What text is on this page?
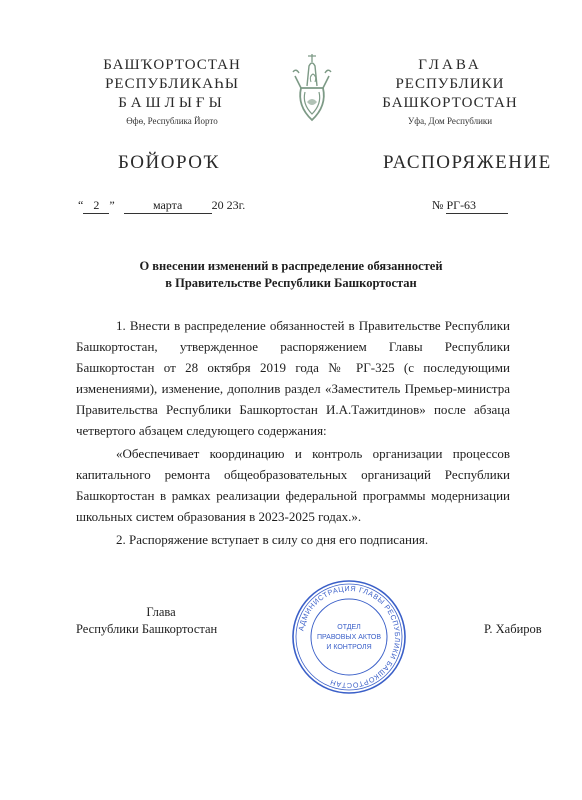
БАШҠОРТОСТАН
РЕСПУБЛИКАҺЫ
БАШЛЫҒЫ
Өфө, Республика Йорто
ГЛАВА
РЕСПУБЛИКИ
БАШКОРТОСТАН
Уфа, Дом Республики
БОЙОРОҠ	РАСПОРЯЖЕНИЕ
“ 2 ”	марта 20 23г.	№ РГ-63
О внесении изменений в распределение обязанностей
в Правительстве Республики Башкортостан

1. Внести в распределение обязанностей в Правительстве Республики Башкортостан, утвержденное распоряжением Главы Республики Башкортостан от 28 октября 2019 года № РГ-325 (с последующими изменениями), изменение, дополнив раздел «Заместитель Премьер-министра Правительства Республики Башкортостан И.А.Тажитдинов» после абзаца четвертого абзацем следующего содержания:

«Обеспечивает координацию и контроль организации процессов капитального ремонта общеобразовательных организаций Республики Башкортостан в рамках реализации федеральной программы модернизации школьных систем образования в 2023-2025 годах.».

2. Распоряжение вступает в силу со дня его подписания.

Глава
Республики Башкортостан	Р. Хабиров
АДМИНИСТРАЦИЯ ГЛАВЫ РЕСПУБЛИКИ БАШКОРТОСТАН
ОТДЕЛ
ПРАВОВЫХ АКТОВ
И КОНТРОЛЯ
